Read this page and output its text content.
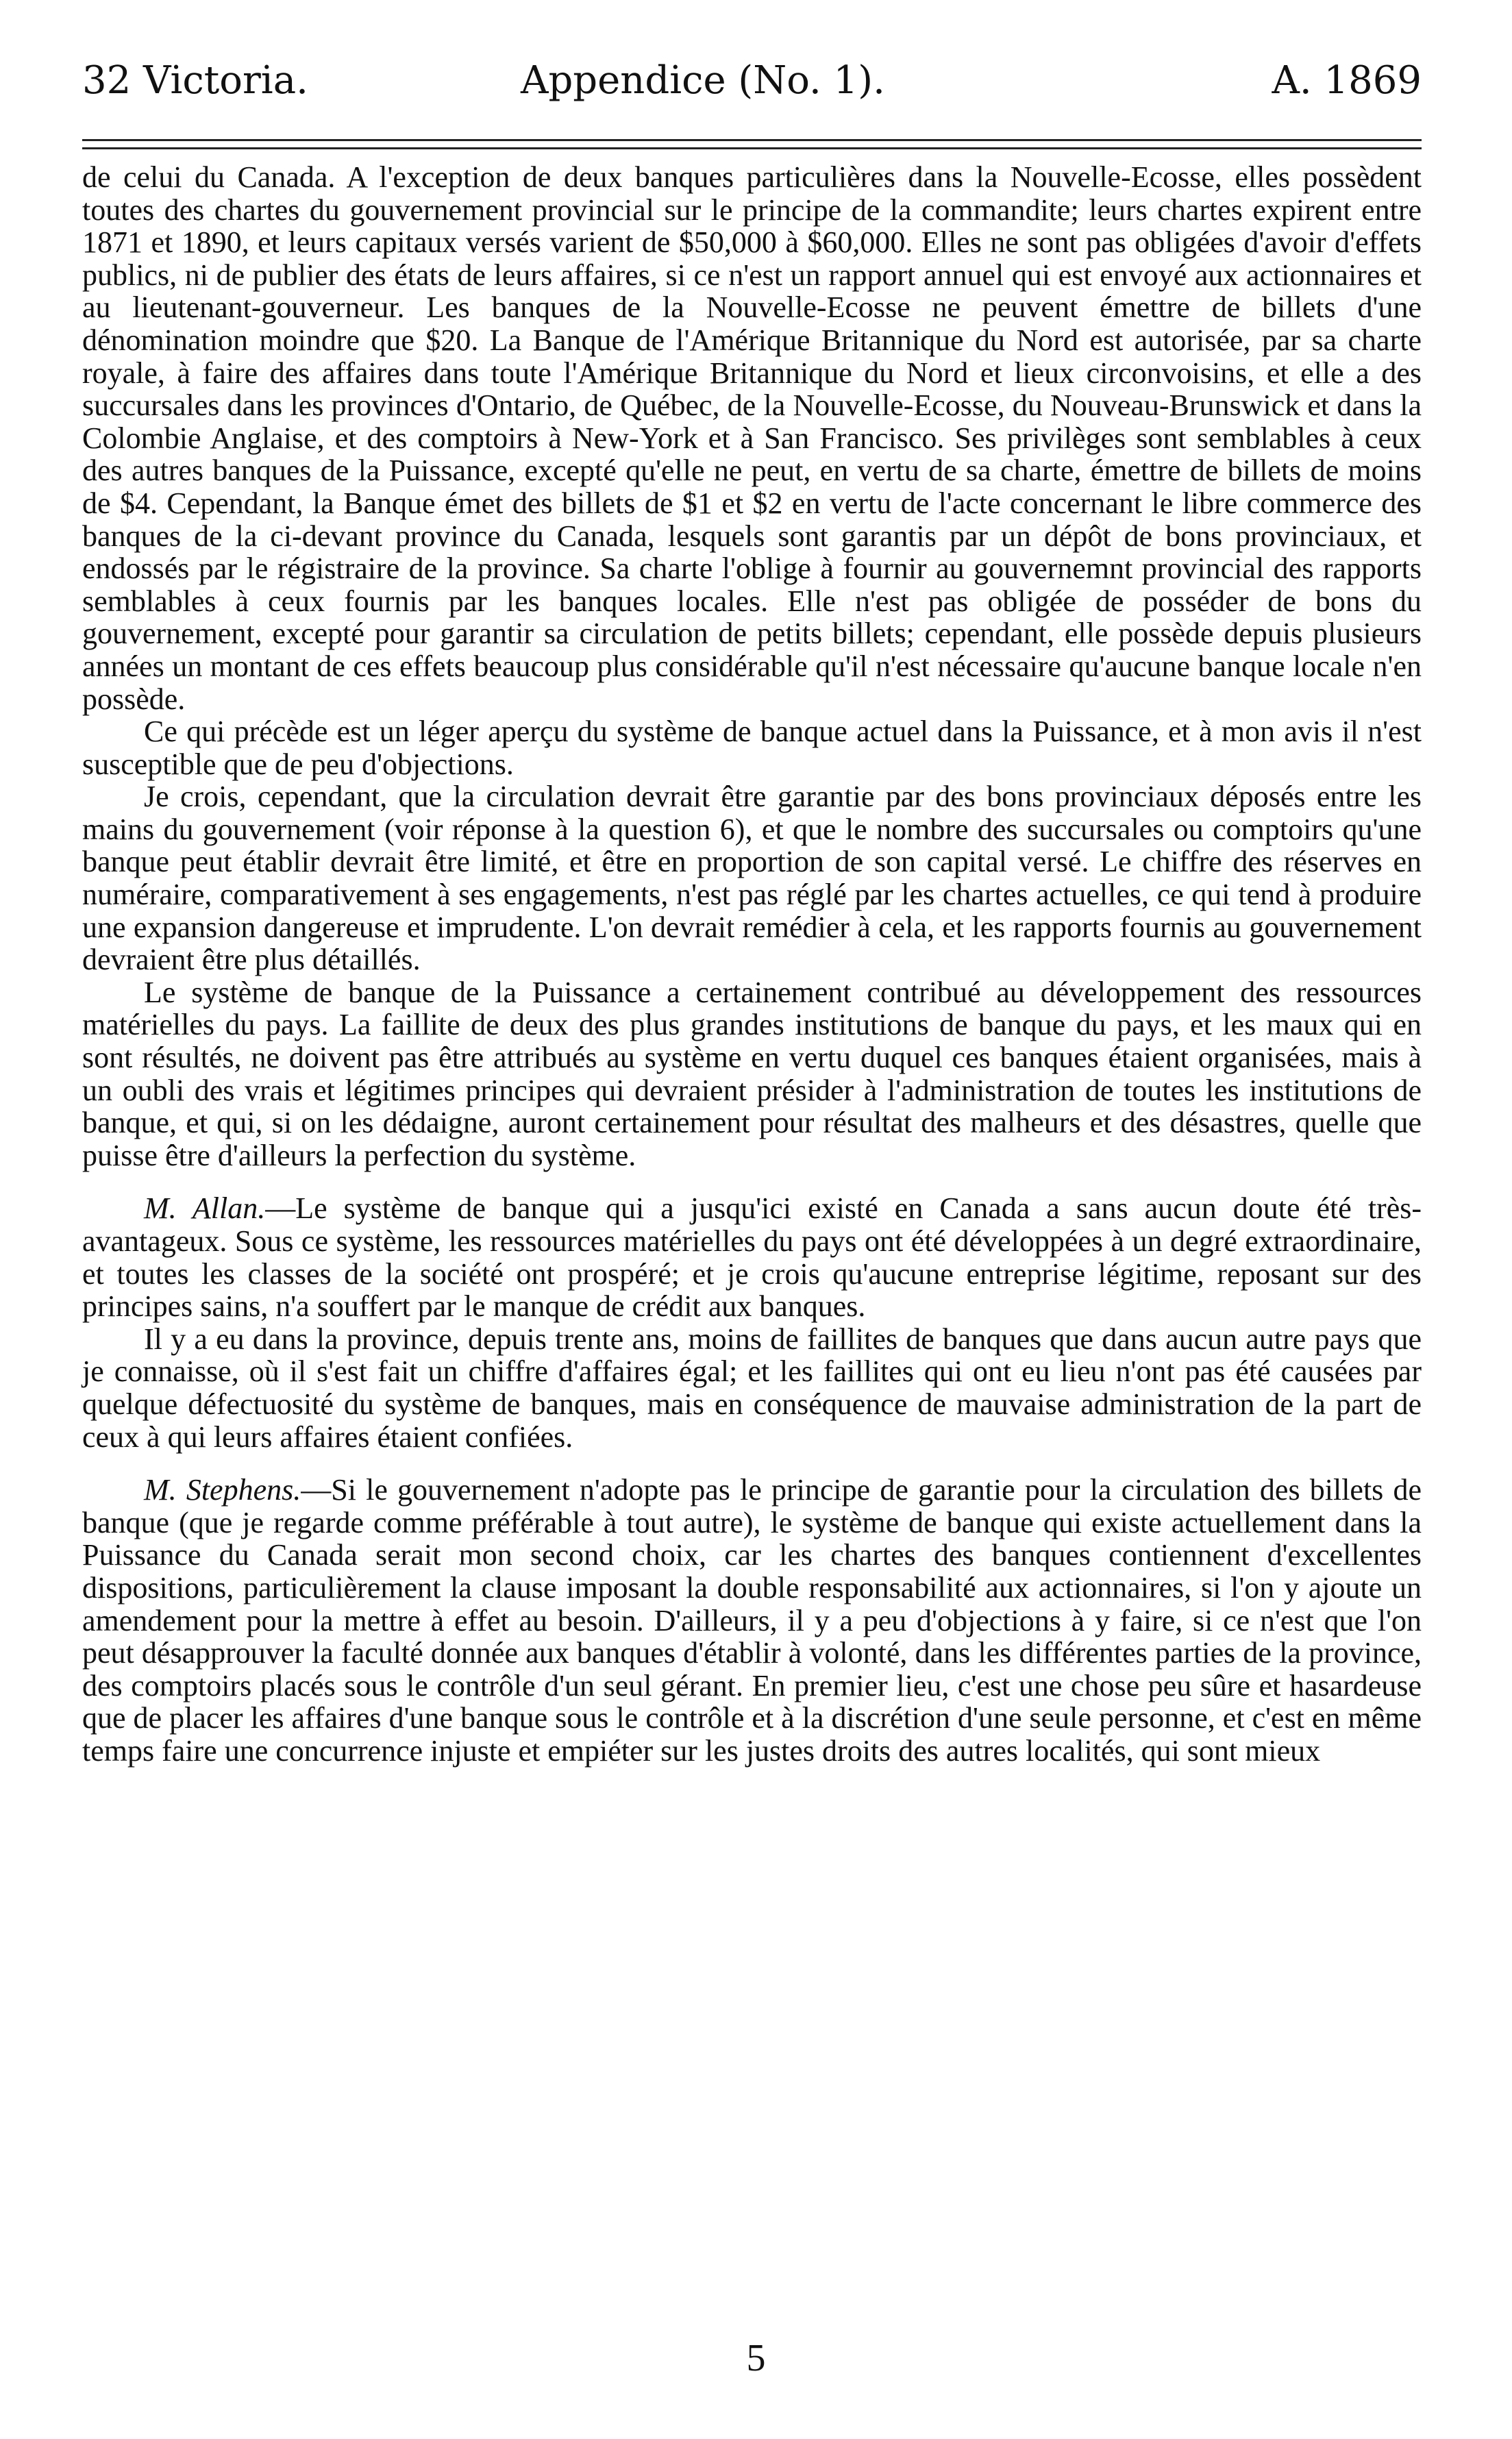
32 Victoria.	Appendice (No. 1).	A. 1869

de celui du Canada. A l'exception de deux banques particulières dans la Nouvelle-Ecosse, elles possèdent toutes des chartes du gouvernement provincial sur le principe de la commandite; leurs chartes expirent entre 1871 et 1890, et leurs capitaux versés varient de $50,000 à $60,000. Elles ne sont pas obligées d'avoir d'effets publics, ni de publier des états de leurs affaires, si ce n'est un rapport annuel qui est envoyé aux actionnaires et au lieutenant-gouverneur. Les banques de la Nouvelle-Ecosse ne peuvent émettre de billets d'une dénomination moindre que $20. La Banque de l'Amérique Britannique du Nord est autorisée, par sa charte royale, à faire des affaires dans toute l'Amérique Britannique du Nord et lieux circonvoisins, et elle a des succursales dans les provinces d'Ontario, de Québec, de la Nouvelle-Ecosse, du Nouveau-Brunswick et dans la Colombie Anglaise, et des comptoirs à New-York et à San Francisco. Ses privilèges sont semblables à ceux des autres banques de la Puissance, excepté qu'elle ne peut, en vertu de sa charte, émettre de billets de moins de $4. Cependant, la Banque émet des billets de $1 et $2 en vertu de l'acte concernant le libre commerce des banques de la ci-devant province du Canada, lesquels sont garantis par un dépôt de bons provinciaux, et endossés par le régistraire de la province. Sa charte l'oblige à fournir au gouvernemnt provincial des rapports semblables à ceux fournis par les banques locales. Elle n'est pas obligée de posséder de bons du gouvernement, excepté pour garantir sa circulation de petits billets; cependant, elle possède depuis plusieurs années un montant de ces effets beaucoup plus considérable qu'il n'est nécessaire qu'aucune banque locale n'en possède.

Ce qui précède est un léger aperçu du système de banque actuel dans la Puissance, et à mon avis il n'est susceptible que de peu d'objections.

Je crois, cependant, que la circulation devrait être garantie par des bons provinciaux déposés entre les mains du gouvernement (voir réponse à la question 6), et que le nombre des succursales ou comptoirs qu'une banque peut établir devrait être limité, et être en proportion de son capital versé. Le chiffre des réserves en numéraire, comparativement à ses engagements, n'est pas réglé par les chartes actuelles, ce qui tend à produire une expansion dangereuse et imprudente. L'on devrait remédier à cela, et les rapports fournis au gouvernement devraient être plus détaillés.

Le système de banque de la Puissance a certainement contribué au développement des ressources matérielles du pays. La faillite de deux des plus grandes institutions de banque du pays, et les maux qui en sont résultés, ne doivent pas être attribués au système en vertu duquel ces banques étaient organisées, mais à un oubli des vrais et légitimes principes qui devraient présider à l'administration de toutes les institutions de banque, et qui, si on les dédaigne, auront certainement pour résultat des malheurs et des désastres, quelle que puisse être d'ailleurs la perfection du système.

M. Allan.—Le système de banque qui a jusqu'ici existé en Canada a sans aucun doute été très-avantageux. Sous ce système, les ressources matérielles du pays ont été développées à un degré extraordinaire, et toutes les classes de la société ont prospéré; et je crois qu'aucune entreprise légitime, reposant sur des principes sains, n'a souffert par le manque de crédit aux banques.

Il y a eu dans la province, depuis trente ans, moins de faillites de banques que dans aucun autre pays que je connaisse, où il s'est fait un chiffre d'affaires égal; et les faillites qui ont eu lieu n'ont pas été causées par quelque défectuosité du système de banques, mais en conséquence de mauvaise administration de la part de ceux à qui leurs affaires étaient confiées.

M. Stephens.—Si le gouvernement n'adopte pas le principe de garantie pour la circulation des billets de banque (que je regarde comme préférable à tout autre), le système de banque qui existe actuellement dans la Puissance du Canada serait mon second choix, car les chartes des banques contiennent d'excellentes dispositions, particulièrement la clause imposant la double responsabilité aux actionnaires, si l'on y ajoute un amendement pour la mettre à effet au besoin. D'ailleurs, il y a peu d'objections à y faire, si ce n'est que l'on peut désapprouver la faculté donnée aux banques d'établir à volonté, dans les différentes parties de la province, des comptoirs placés sous le contrôle d'un seul gérant. En premier lieu, c'est une chose peu sûre et hasardeuse que de placer les affaires d'une banque sous le contrôle et à la discrétion d'une seule personne, et c'est en même temps faire une concurrence injuste et empiéter sur les justes droits des autres localités, qui sont mieux

5
